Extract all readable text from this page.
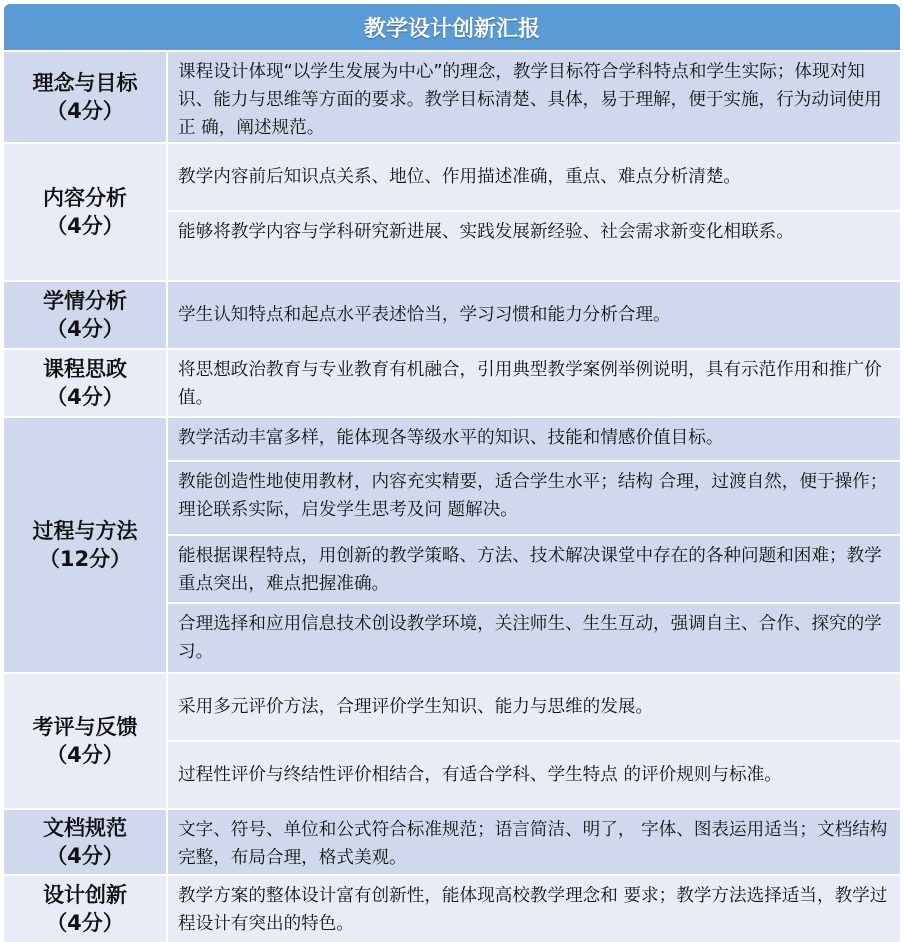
教学设计创新汇报	

理念与目标
（4分）	课程设计体现“以学生发展为中心”的理念，教学目标符合学科特点和学生实际；体现对知识、能力与思维等方面的要求。教学目标清楚、具体，易于理解，便于实施，行为动词使用正 确，阐述规范。

内容分析
（4分）	教学内容前后知识点关系、地位、作用描述准确，重点、难点分析清楚。
	能够将教学内容与学科研究新进展、实践发展新经验、社会需求新变化相联系。

学情分析
（4分）	学生认知特点和起点水平表述恰当，学习习惯和能力分析合理。

课程思政
（4分）	将思想政治教育与专业教育有机融合，引用典型教学案例举例说明，具有示范作用和推广价值。

过程与方法
（12分）	教学活动丰富多样，能体现各等级水平的知识、技能和情感价值目标。
	教能创造性地使用教材，内容充实精要，适合学生水平；结构 合理，过渡自然，便于操作；理论联系实际，启发学生思考及问 题解决。
	能根据课程特点，用创新的教学策略、方法、技术解决课堂中存在的各种问题和困难；教学重点突出，难点把握准确。
	合理选择和应用信息技术创设教学环境，关注师生、生生互动，强调自主、合作、探究的学习。

考评与反馈
（4分）	采用多元评价方法，合理评价学生知识、能力与思维的发展。
	过程性评价与终结性评价相结合，有适合学科、学生特点 的评价规则与标准。

文档规范
（4分）	文字、符号、单位和公式符合标准规范；语言简洁、明了， 字体、图表运用适当；文档结构完整，布局合理，格式美观。

设计创新
（4分）	教学方案的整体设计富有创新性，能体现高校教学理念和 要求；教学方法选择适当，教学过程设计有突出的特色。
